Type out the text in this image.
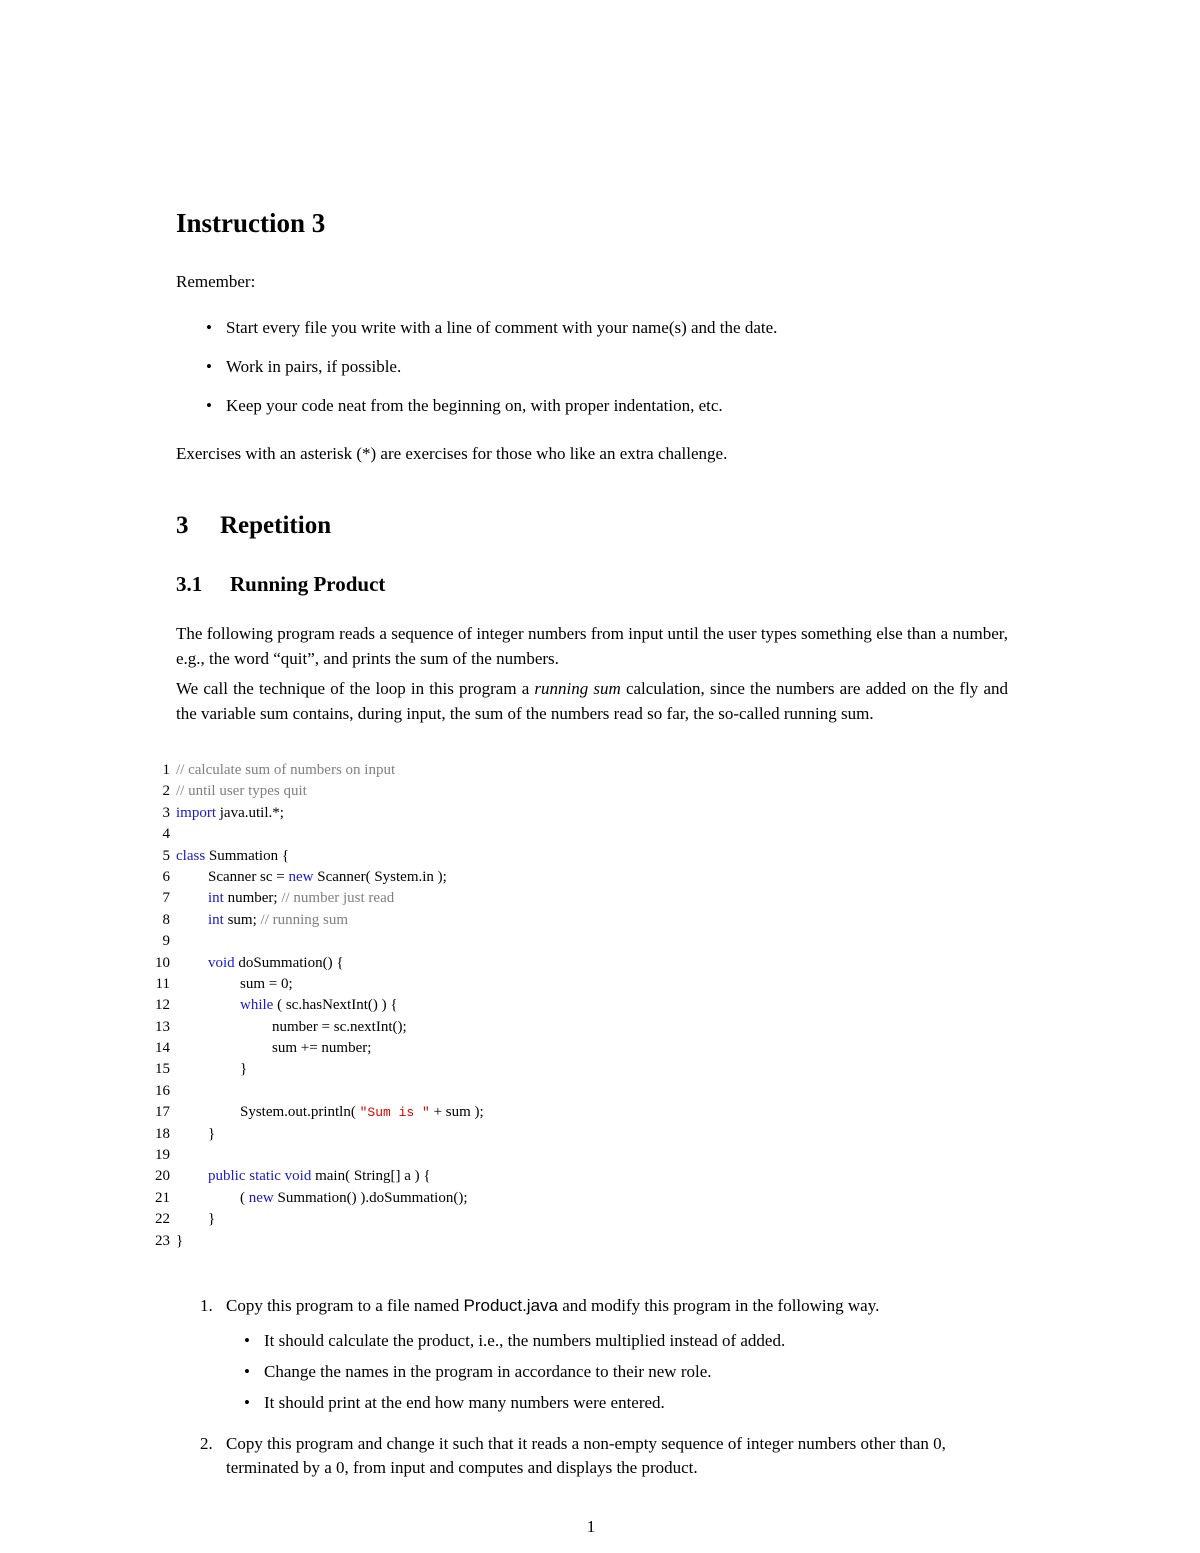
Instruction 3
Remember:
• Start every file you write with a line of comment with your name(s) and the date.
• Work in pairs, if possible.
• Keep your code neat from the beginning on, with proper indentation, etc.
Exercises with an asterisk (*) are exercises for those who like an extra challenge.
3 Repetition
3.1 Running Product
The following program reads a sequence of integer numbers from input until the user types something else than a number, e.g., the word “quit”, and prints the sum of the numbers.
We call the technique of the loop in this program a running sum calculation, since the numbers are added on the fly and the variable sum contains, during input, the sum of the numbers read so far, the so-called running sum.
1 // calculate sum of numbers on input
2 // until user types quit
3 import java.util.*;
4
5 class Summation {
6	Scanner sc = new Scanner( System.in );
7	int number; // number just read
8	int sum; // running sum
9
10	void doSummation() {
11	sum = 0;
12	while ( sc.hasNextInt() ) {
13	number = sc.nextInt();
14	sum += number;
15	}
16
17	System.out.println( "Sum is " + sum );
18	}
19
20	public static void main( String[] a ) {
21	( new Summation() ).doSummation();
22	}
23 }
1. Copy this program to a file named Product.java and modify this program in the following way.
• It should calculate the product, i.e., the numbers multiplied instead of added.
• Change the names in the program in accordance to their new role.
• It should print at the end how many numbers were entered.
2. Copy this program and change it such that it reads a non-empty sequence of integer numbers other than 0, terminated by a 0, from input and computes and displays the product.
1
